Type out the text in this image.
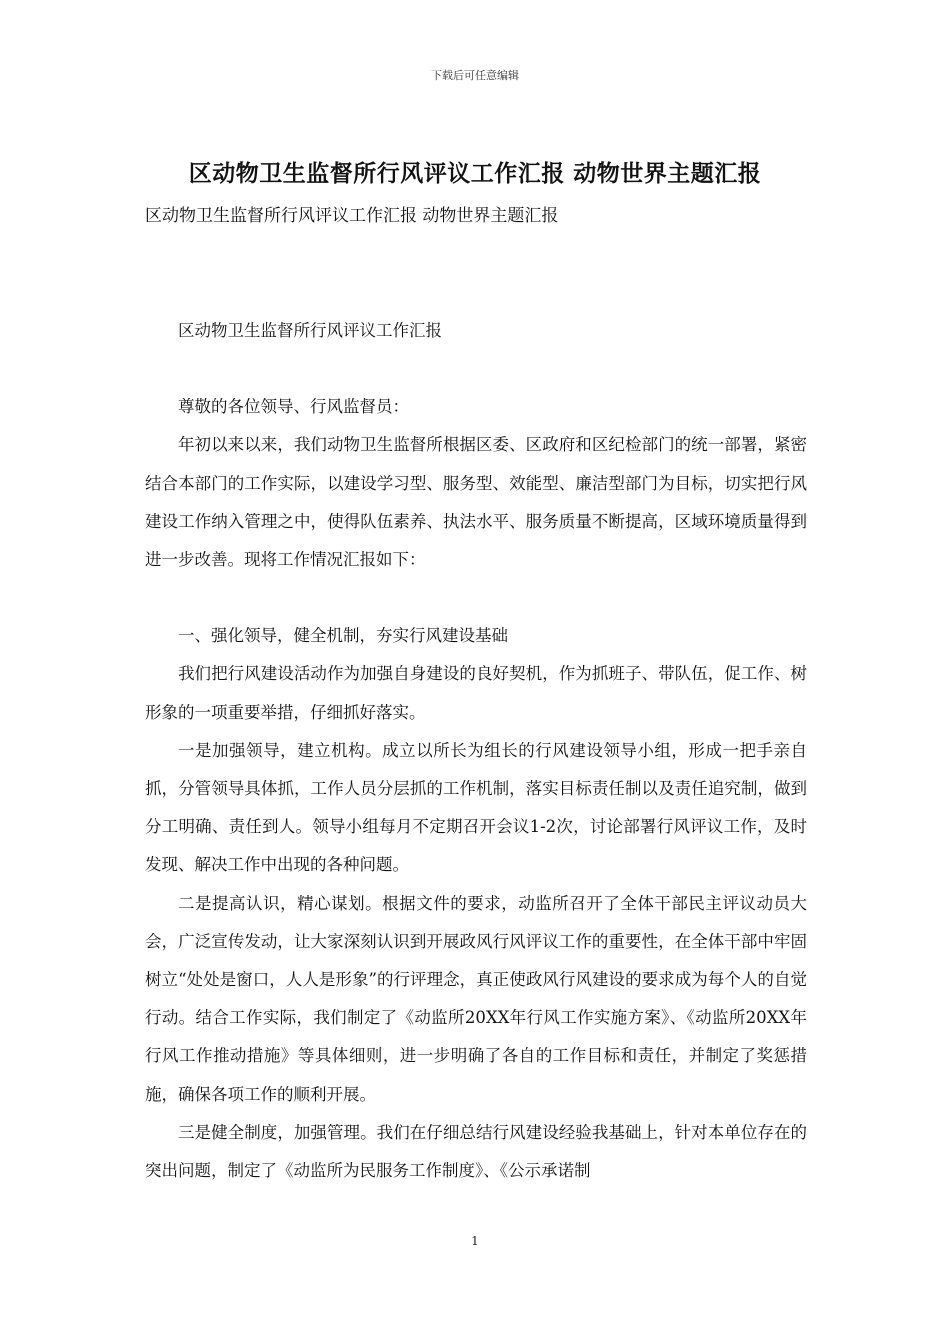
下载后可任意编辑
区动物卫生监督所行风评议工作汇报 动物世界主题汇报
区动物卫生监督所行风评议工作汇报 动物世界主题汇报

区动物卫生监督所行风评议工作汇报

尊敬的各位领导、行风监督员：

年初以来以来，我们动物卫生监督所根据区委、区政府和区纪检部门的统一部署，紧密结合本部门的工作实际，以建设学习型、服务型、效能型、廉洁型部门为目标，切实把行风建设工作纳入管理之中，使得队伍素养、执法水平、服务质量不断提高，区域环境质量得到进一步改善。现将工作情况汇报如下：

一、强化领导，健全机制，夯实行风建设基础

我们把行风建设活动作为加强自身建设的良好契机，作为抓班子、带队伍，促工作、树形象的一项重要举措，仔细抓好落实。

一是加强领导，建立机构。成立以所长为组长的行风建设领导小组，形成一把手亲自抓，分管领导具体抓，工作人员分层抓的工作机制，落实目标责任制以及责任追究制，做到分工明确、责任到人。领导小组每月不定期召开会议1-2次，讨论部署行风评议工作，及时发现、解决工作中出现的各种问题。

二是提高认识，精心谋划。根据文件的要求，动监所召开了全体干部民主评议动员大会，广泛宣传发动，让大家深刻认识到开展政风行风评议工作的重要性，在全体干部中牢固树立“处处是窗口，人人是形象”的行评理念，真正使政风行风建设的要求成为每个人的自觉行动。结合工作实际，我们制定了《动监所20XX年行风工作实施方案》、《动监所20XX年行风工作推动措施》等具体细则，进一步明确了各自的工作目标和责任，并制定了奖惩措施，确保各项工作的顺利开展。

三是健全制度，加强管理。我们在仔细总结行风建设经验我基础上，针对本单位存在的突出问题，制定了《动监所为民服务工作制度》、《公示承诺制

1
